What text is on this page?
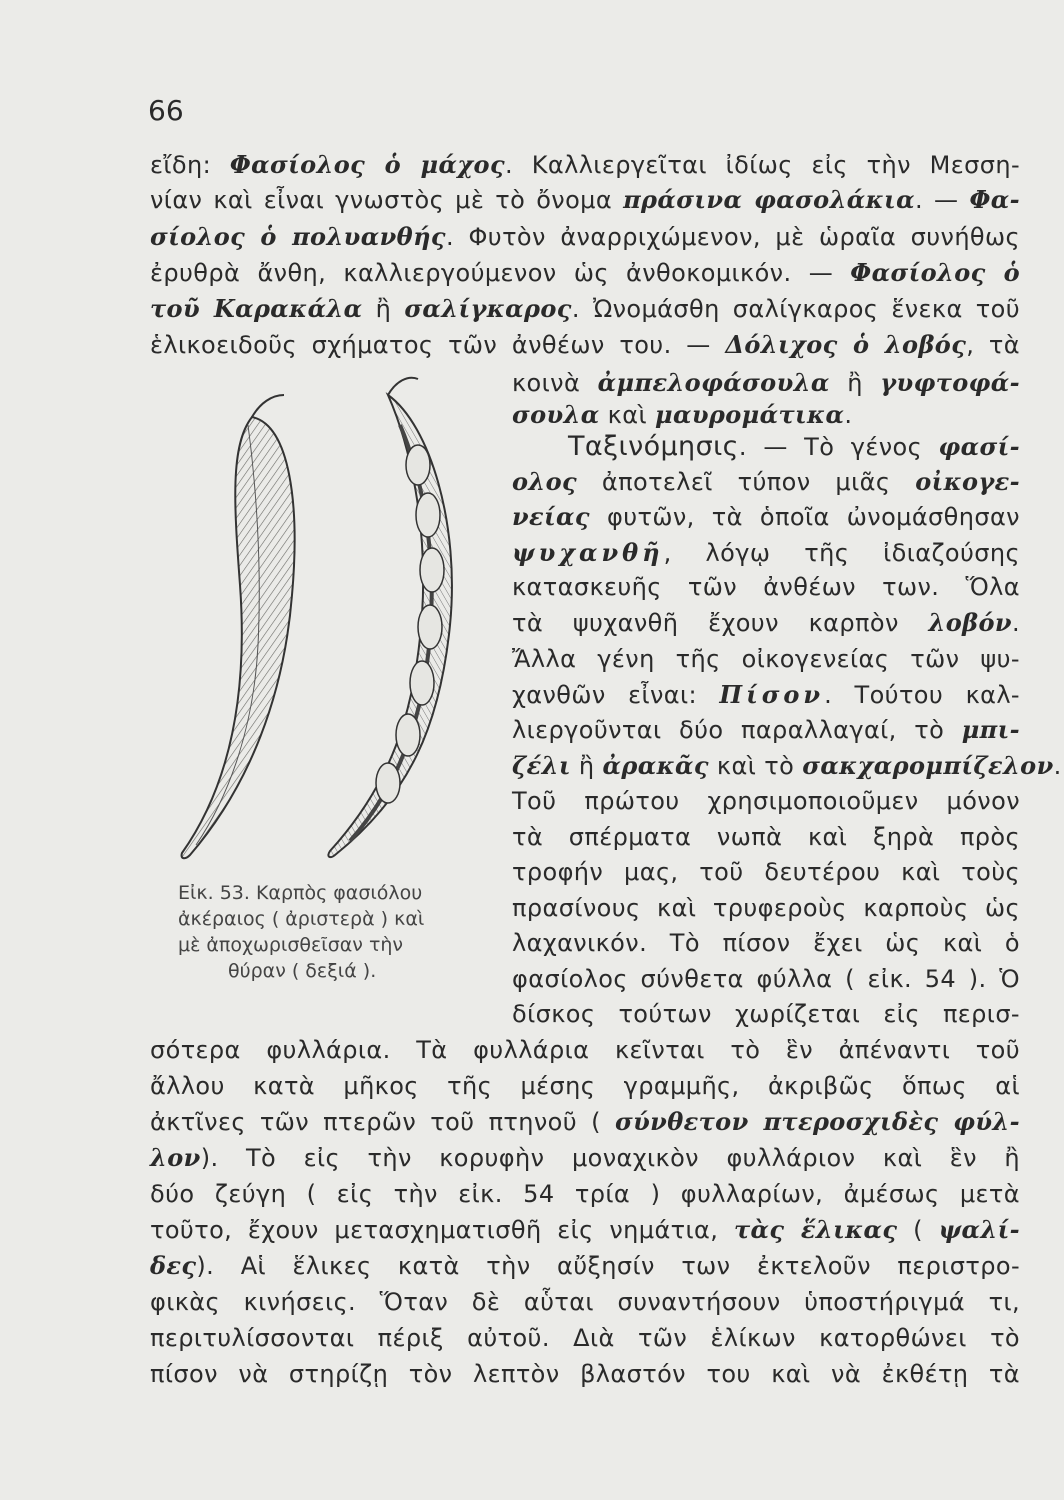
66
εἴδη: Φασίολος ὁ μάχος. Καλλιεργεῖται ἰδίως εἰς τὴν Μεσση-
νίαν καὶ εἶναι γνωστὸς μὲ τὸ ὄνομα πράσινα φασολάκια. — Φα-
σίολος ὁ πολυανθής. Φυτὸν ἀναρριχώμενον, μὲ ὡραῖα συνήθως
ἐρυθρὰ ἄνθη, καλλιεργούμενον ὡς ἀνθοκομικόν. — Φασίολος ὁ
τοῦ Καρακάλα ἢ σαλίγκαρος. Ὠνομάσθη σαλίγκαρος ἕνεκα τοῦ
ἑλικοειδοῦς σχήματος τῶν ἀνθέων του. — Δόλιχος ὁ λοβός, τὰ
κοινὰ ἀμπελοφάσουλα ἢ γυφτοφά-
σουλα καὶ μαυρομάτικα.
Ταξινόμησις. — Τὸ γένος φασί-
ολος ἀποτελεῖ τύπον μιᾶς οἰκογε-
νείας φυτῶν, τὰ ὁποῖα ὠνομάσθησαν
ψυχανθῆ, λόγῳ τῆς ἰδιαζούσης
κατασκευῆς τῶν ἀνθέων των. Ὅλα
τὰ ψυχανθῆ ἔχουν καρπὸν λοβόν.
Ἄλλα γένη τῆς οἰκογενείας τῶν ψυ-
χανθῶν εἶναι: Πίσον. Τούτου καλ-
λιεργοῦνται δύο παραλλαγαί, τὸ μπι-
ζέλι ἢ ἀρακᾶς καὶ τὸ σακχαρομπίζελον.
Τοῦ πρώτου χρησιμοποιοῦμεν μόνον
τὰ σπέρματα νωπὰ καὶ ξηρὰ πρὸς
τροφήν μας, τοῦ δευτέρου καὶ τοὺς
πρασίνους καὶ τρυφεροὺς καρποὺς ὡς
λαχανικόν. Τὸ πίσον ἔχει ὡς καὶ ὁ
φασίολος σύνθετα φύλλα ( εἰκ. 54 ). Ὁ
δίσκος τούτων χωρίζεται εἰς περισ-
σότερα φυλλάρια. Τὰ φυλλάρια κεῖνται τὸ ἓν ἀπέναντι τοῦ
ἄλλου κατὰ μῆκος τῆς μέσης γραμμῆς, ἀκριβῶς ὅπως αἱ
ἀκτῖνες τῶν πτερῶν τοῦ πτηνοῦ ( σύνθετον πτεροσχιδὲς φύλ-
λον). Τὸ εἰς τὴν κορυφὴν μοναχικὸν φυλλάριον καὶ ἓν ἢ
δύο ζεύγη ( εἰς τὴν εἰκ. 54 τρία ) φυλλαρίων, ἀμέσως μετὰ
τοῦτο, ἔχουν μετασχηματισθῆ εἰς νημάτια, τὰς ἕλικας ( ψαλί-
δες). Αἱ ἕλικες κατὰ τὴν αὔξησίν των ἐκτελοῦν περιστρο-
φικὰς κινήσεις. Ὅταν δὲ αὗται συναντήσουν ὑποστήριγμά τι,
περιτυλίσσονται πέριξ αὐτοῦ. Διὰ τῶν ἑλίκων κατορθώνει τὸ
πίσον νὰ στηρίζῃ τὸν λεπτὸν βλαστόν του καὶ νὰ ἐκθέτῃ τὰ
Εἰκ. 53. Καρπὸς φασιόλου
ἀκέραιος ( ἀριστερὰ ) καὶ
μὲ ἀποχωρισθεῖσαν τὴν
θύραν ( δεξιά ).
